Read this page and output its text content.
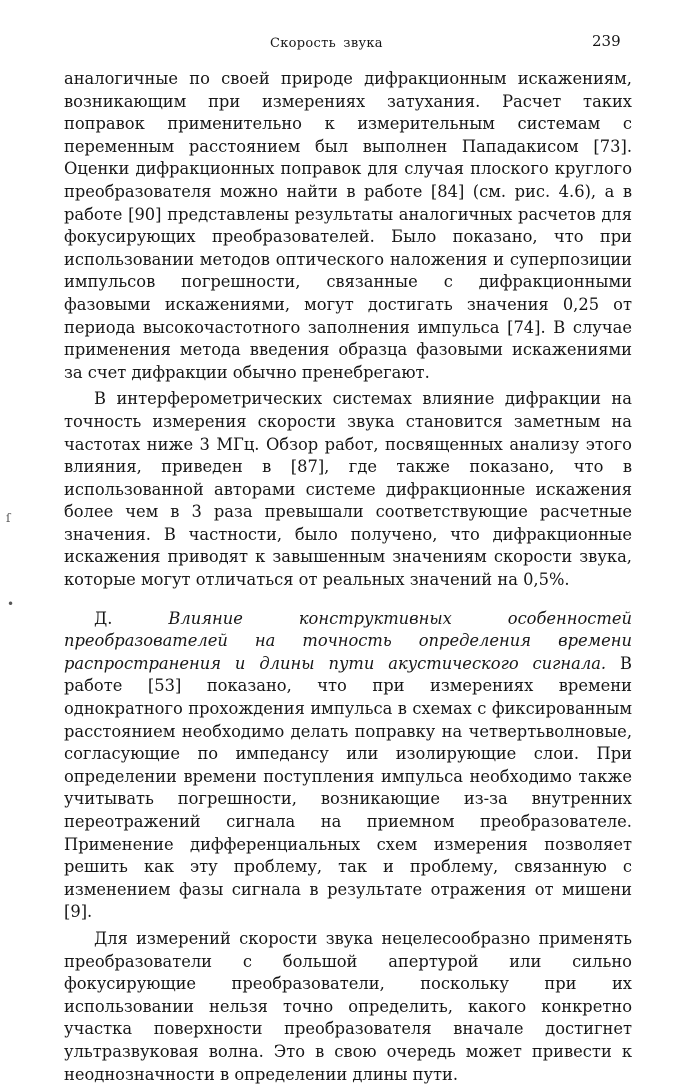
Скорость звука	239
ſ
•

аналогичные по своей природе дифракционным искажениям, возникающим при измерениях затухания. Расчет таких поправок применительно к измерительным системам с переменным расстоянием был выполнен Пападакисом [73]. Оценки дифракционных поправок для случая плоского круглого преобразователя можно найти в работе [84] (см. рис. 4.6), а в работе [90] представлены результаты аналогичных расчетов для фокусирующих преобразователей. Было показано, что при использовании методов оптического наложения и суперпозиции импульсов погрешности, связанные с дифракционными фазовыми искажениями, могут достигать значения 0,25 от периода высокочастотного заполнения импульса [74]. В случае применения метода введения образца фазовыми искажениями за счет дифракции обычно пренебрегают.

В интерферометрических системах влияние дифракции на точность измерения скорости звука становится заметным на частотах ниже 3 МГц. Обзор работ, посвященных анализу этого влияния, приведен в [87], где также показано, что в использованной авторами системе дифракционные искажения более чем в 3 раза превышали соответствующие расчетные значения. В частности, было получено, что дифракционные искажения приводят к завышенным значениям скорости звука, которые могут отличаться от реальных значений на 0,5%.

Д.	Влияние конструктивных особенностей преобразователей на точность определения времени распространения и длины пути акустического сигнала. В работе [53] показано, что при измерениях времени однократного прохождения импульса в схемах с фиксированным расстоянием необходимо делать поправку на четвертьволновые, согласующие по импедансу или изолирующие слои. При определении времени поступления импульса необходимо также учитывать погрешности, возникающие из-за внутренних переотражений сигнала на приемном преобразователе. Применение дифференциальных схем измерения позволяет решить как эту проблему, так и проблему, связанную с изменением фазы сигнала в результате отражения от мишени [9].

Для измерений скорости звука нецелесообразно применять преобразователи с большой апертурой или сильно фокусирующие преобразователи, поскольку при их использовании нельзя точно определить, какого конкретно участка поверхности преобразователя вначале достигнет ультразвуковая волна. Это в свою очередь может привести к неоднозначности в определении длины пути.
